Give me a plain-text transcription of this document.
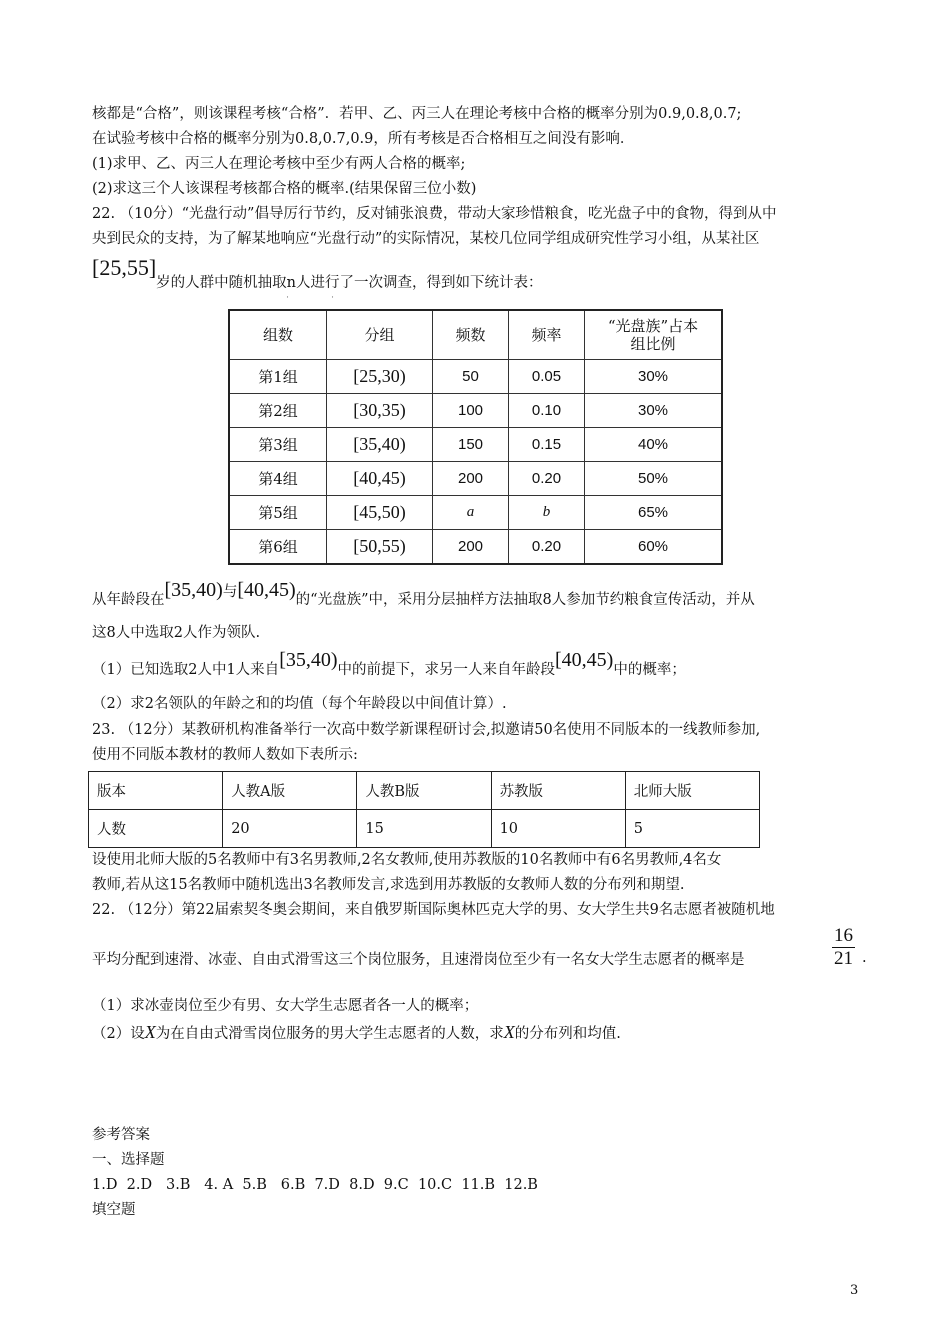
核都是“合格”，则该课程考核“合格”．若甲、乙、丙三人在理论考核中合格的概率分别为0.9,0.8,0.7;
在试验考核中合格的概率分别为0.8,0.7,0.9，所有考核是否合格相互之间没有影响．
(1)求甲、乙、丙三人在理论考核中至少有两人合格的概率;
(2)求这三个人该课程考核都合格的概率.(结果保留三位小数)
22. （10分）“光盘行动”倡导厉行节约，反对铺张浪费，带动大家珍惜粮食，吃光盘子中的食物，得到从中
央到民众的支持，为了解某地响应“光盘行动”的实际情况，某校几位同学组成研究性学习小组，从某社区
[25,55]岁的人群中随机抽取n人进行了一次调查，得到如下统计表：
˙˙
组数	分组	频数	频率	“光盘族”占本组比例
第1组	[25,30)	50	0.05	30%
第2组	[30,35)	100	0.10	30%
第3组	[35,40)	150	0.15	40%
第4组	[40,45)	200	0.20	50%
第5组	[45,50)	a	b	65%
第6组	[50,55)	200	0.20	60%
从年龄段在[35,40)与[40,45)的“光盘族”中，采用分层抽样方法抽取8人参加节约粮食宣传活动，并从
这8人中选取2人作为领队.
（1）已知选取2人中1人来自[35,40)中的前提下，求另一人来自年龄段[40,45)中的概率；
（2）求2名领队的年龄之和的均值（每个年龄段以中间值计算）.
23. （12分）某教研机构准备举行一次高中数学新课程研讨会,拟邀请50名使用不同版本的一线教师参加,
使用不同版本教材的教师人数如下表所示:
版本	人教A版	人教B版	苏教版	北师大版
人数	20	15	10	5
设使用北师大版的5名教师中有3名男教师,2名女教师,使用苏教版的10名教师中有6名男教师,4名女
教师,若从这15名教师中随机选出3名教师发言,求选到用苏教版的女教师人数的分布列和期望.
22. （12分）第22届索契冬奥会期间，来自俄罗斯国际奥林匹克大学的男、女大学生共9名志愿者被随机地
平均分配到速滑、冰壶、自由式滑雪这三个岗位服务，且速滑岗位至少有一名女大学生志愿者的概率是	$\frac{16}{21}$ .
（1）求冰壶岗位至少有男、女大学生志愿者各一人的概率；
（2）设X为在自由式滑雪岗位服务的男大学生志愿者的人数，求X的分布列和均值.
参考答案
一、选择题
1.D  2.D   3.B   4. A  5.B   6.B  7.D  8.D  9.C  10.C  11.B  12.B
填空题
3
